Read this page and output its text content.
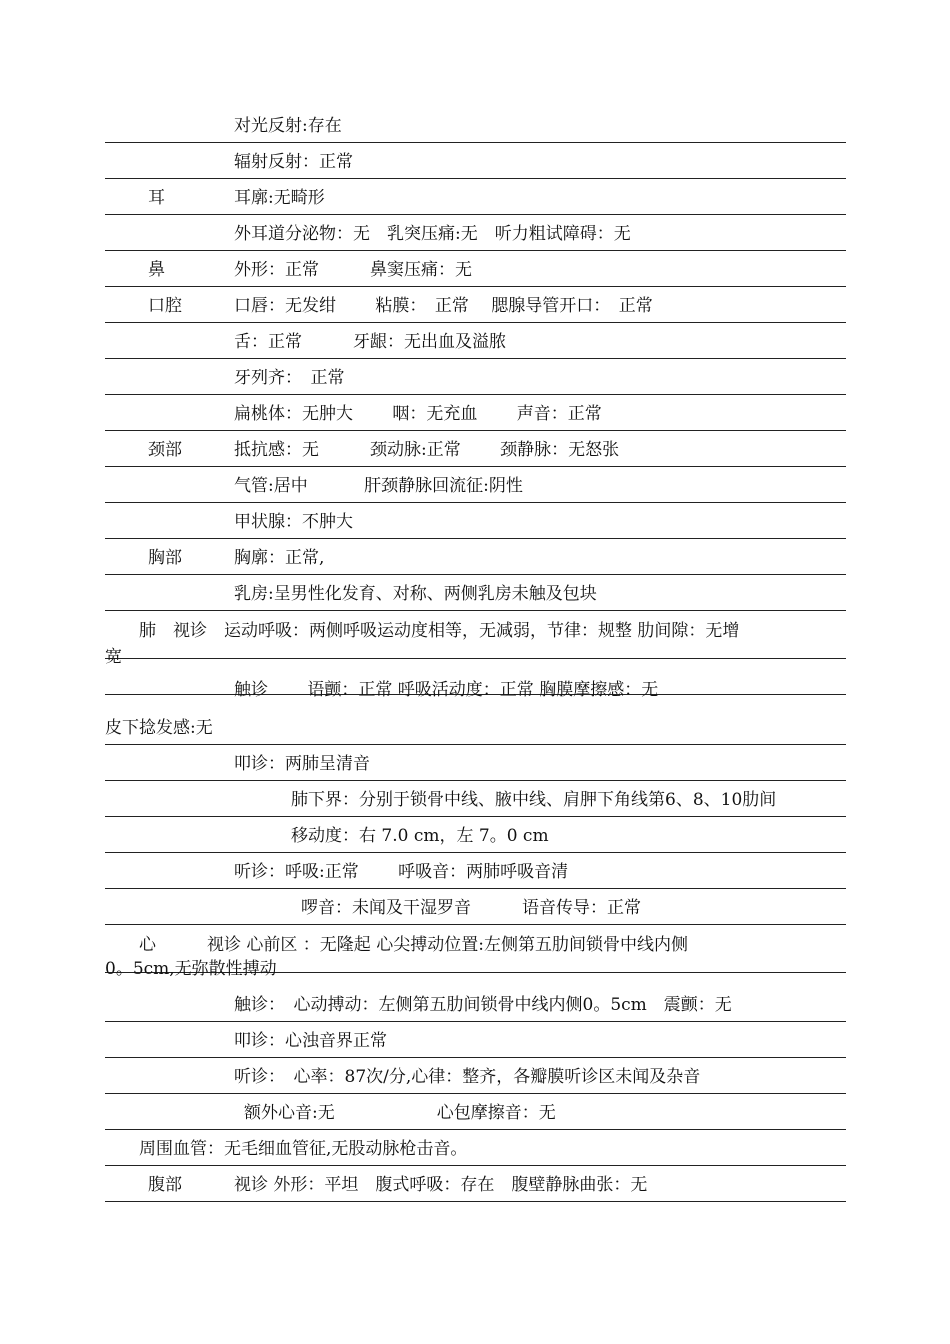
对光反射:存在
辐射反射：正常
耳	耳廓:无畸形
外耳道分泌物：无　乳突压痛:无　听力粗试障碍：无
鼻	外形：正常　　　鼻窦压痛：无
口腔	口唇：无发绀　　 粘膜：　正常　 腮腺导管开口：　正常
舌：正常　　　牙龈：无出血及溢脓
牙列齐：　正常
扁桃体：无肿大　　 咽：无充血　　 声音：正常
颈部	抵抗感：无　　　颈动脉:正常　　 颈静脉：无怒张
气管:居中　　　 肝颈静脉回流征:阴性
甲状腺：不肿大
胸部	胸廓：正常,
乳房:呈男性化发育、对称、两侧乳房未触及包块
　　肺　视诊　运动呼吸：两侧呼吸运动度相等，无减弱，节律：规整 肋间隙：无增
宽
触诊　　 语颤：正常 呼吸活动度：正常 胸膜摩擦感：无
皮下捻发感:无
叩诊：两肺呈清音
肺下界：分别于锁骨中线、腋中线、肩胛下角线第6、8、10肋间
移动度：右 7.0 cm，左 7。0 cm
听诊：呼吸:正常　　 呼吸音：两肺呼吸音清
啰音：未闻及干湿罗音　　　语音传导：正常
　　心　　　视诊 心前区 ：无隆起 心尖搏动位置:左侧第五肋间锁骨中线内侧
0。5cm,无弥散性搏动
触诊：　心动搏动：左侧第五肋间锁骨中线内侧0。5cm　震颤：无
叩诊：心浊音界正常
听诊：　心率：87次/分,心律：整齐，各瓣膜听诊区未闻及杂音
额外心音:无　　　　　　心包摩擦音：无
　　周围血管：无毛细血管征,无股动脉枪击音。
腹部	视诊 外形：平坦　腹式呼吸：存在　腹壁静脉曲张：无
